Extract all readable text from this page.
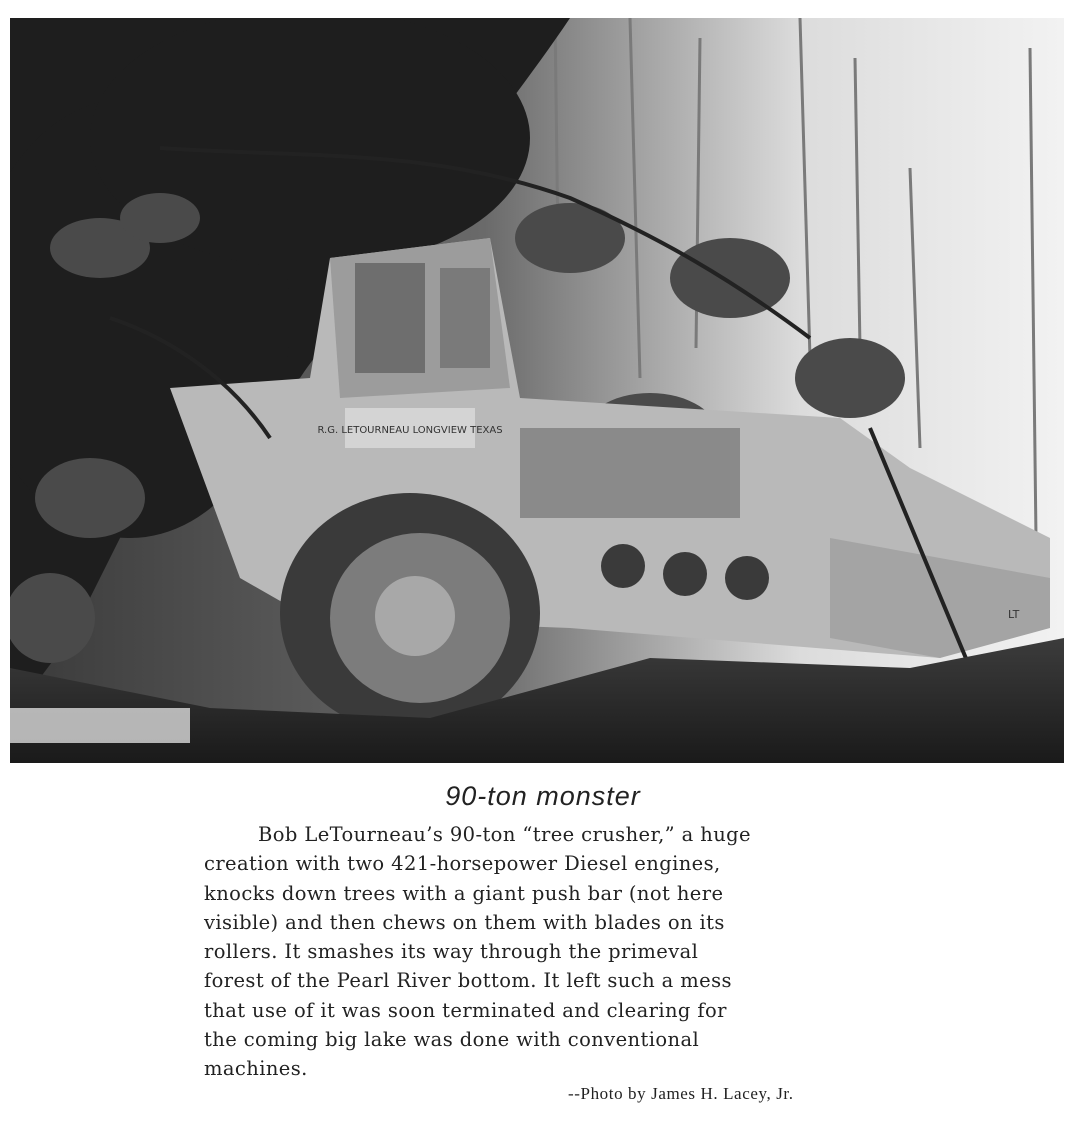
R.G. LETOURNEAU LONGVIEW TEXAS
LT
90-ton monster
Bob LeTourneau’s 90-ton “tree crusher,” a huge
creation with two 421-horsepower Diesel engines,
knocks down trees with a giant push bar (not here
visible) and then chews on them with blades on its
rollers. It smashes its way through the primeval
forest of the Pearl River bottom. It left such a mess
that use of it was soon terminated and clearing for
the coming big lake was done with conventional
machines.
--Photo by James H. Lacey, Jr.
